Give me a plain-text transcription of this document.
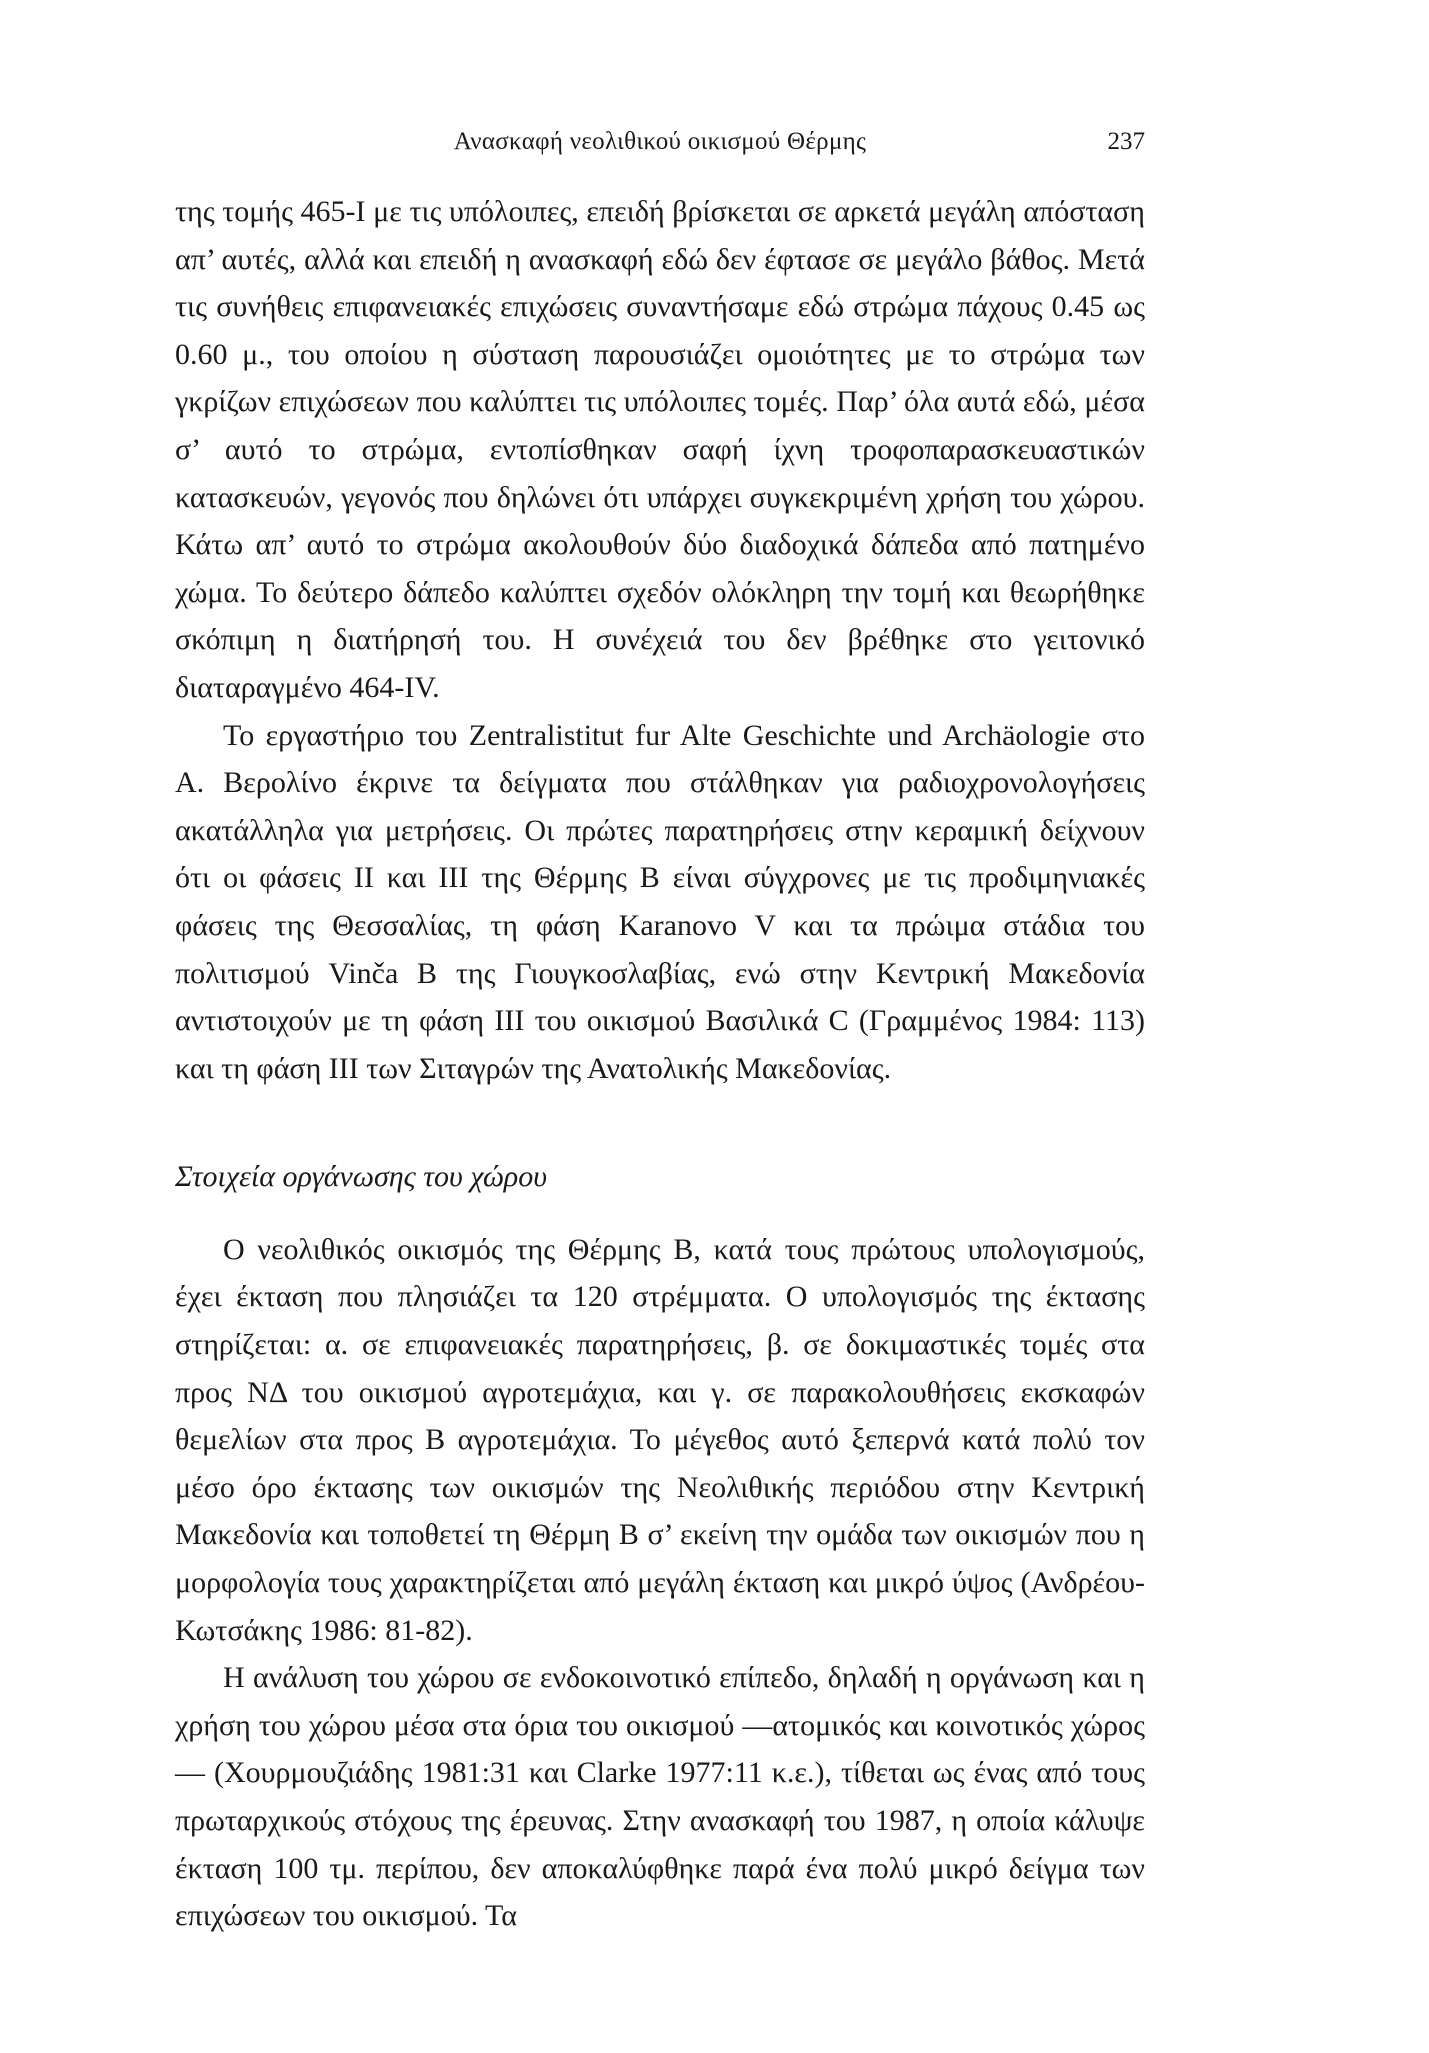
Ανασκαφή νεολιθικού οικισμού Θέρμης	237

της τομής 465-Ι με τις υπόλοιπες, επειδή βρίσκεται σε αρκετά μεγάλη απόσταση απ’ αυτές, αλλά και επειδή η ανασκαφή εδώ δεν έφτασε σε μεγάλο βάθος. Μετά τις συνήθεις επιφανειακές επιχώσεις συναντήσαμε εδώ στρώμα πάχους 0.45 ως 0.60 μ., του οποίου η σύσταση παρουσιάζει ομοιότητες με το στρώμα των γκρίζων επιχώσεων που καλύπτει τις υπόλοιπες τομές. Παρ’ όλα αυτά εδώ, μέσα σ’ αυτό το στρώμα, εντοπίσθηκαν σαφή ίχνη τροφοπαρασκευαστικών κατασκευών, γεγονός που δηλώνει ότι υπάρχει συγκεκριμένη χρήση του χώρου. Κάτω απ’ αυτό το στρώμα ακολουθούν δύο διαδοχικά δάπεδα από πατημένο χώμα. Το δεύτερο δάπεδο καλύπτει σχεδόν ολόκληρη την τομή και θεωρήθηκε σκόπιμη η διατήρησή του. Η συνέχειά του δεν βρέθηκε στο γειτονικό διαταραγμένο 464-IV.

Το εργαστήριο του Zentralistitut fur Alte Geschichte und Archäologie στο Α. Βερολίνο έκρινε τα δείγματα που στάλθηκαν για ραδιοχρονολογήσεις ακατάλληλα για μετρήσεις. Οι πρώτες παρατηρήσεις στην κεραμική δείχνουν ότι οι φάσεις ΙΙ και ΙΙΙ της Θέρμης Β είναι σύγχρονες με τις προδιμηνιακές φάσεις της Θεσσαλίας, τη φάση Karanovo V και τα πρώιμα στάδια του πολιτισμού Vinča B της Γιουγκοσλαβίας, ενώ στην Κεντρική Μακεδονία αντιστοιχούν με τη φάση ΙΙΙ του οικισμού Βασιλικά C (Γραμμένος 1984: 113) και τη φάση ΙΙΙ των Σιταγρών της Ανατολικής Μακεδονίας.

Στοιχεία οργάνωσης του χώρου

Ο νεολιθικός οικισμός της Θέρμης Β, κατά τους πρώτους υπολογισμούς, έχει έκταση που πλησιάζει τα 120 στρέμματα. Ο υπολογισμός της έκτασης στηρίζεται: α. σε επιφανειακές παρατηρήσεις, β. σε δοκιμαστικές τομές στα προς ΝΔ του οικισμού αγροτεμάχια, και γ. σε παρακολουθήσεις εκσκαφών θεμελίων στα προς Β αγροτεμάχια. Το μέγεθος αυτό ξεπερνά κατά πολύ τον μέσο όρο έκτασης των οικισμών της Νεολιθικής περιόδου στην Κεντρική Μακεδονία και τοποθετεί τη Θέρμη Β σ’ εκείνη την ομάδα των οικισμών που η μορφολογία τους χαρακτηρίζεται από μεγάλη έκταση και μικρό ύψος (Ανδρέου-Κωτσάκης 1986: 81-82).

Η ανάλυση του χώρου σε ενδοκοινοτικό επίπεδο, δηλαδή η οργάνωση και η χρήση του χώρου μέσα στα όρια του οικισμού —ατομικός και κοινοτικός χώρος— (Χουρμουζιάδης 1981:31 και Clarke 1977:11 κ.ε.), τίθεται ως ένας από τους πρωταρχικούς στόχους της έρευνας. Στην ανασκαφή του 1987, η οποία κάλυψε έκταση 100 τμ. περίπου, δεν αποκαλύφθηκε παρά ένα πολύ μικρό δείγμα των επιχώσεων του οικισμού. Τα
